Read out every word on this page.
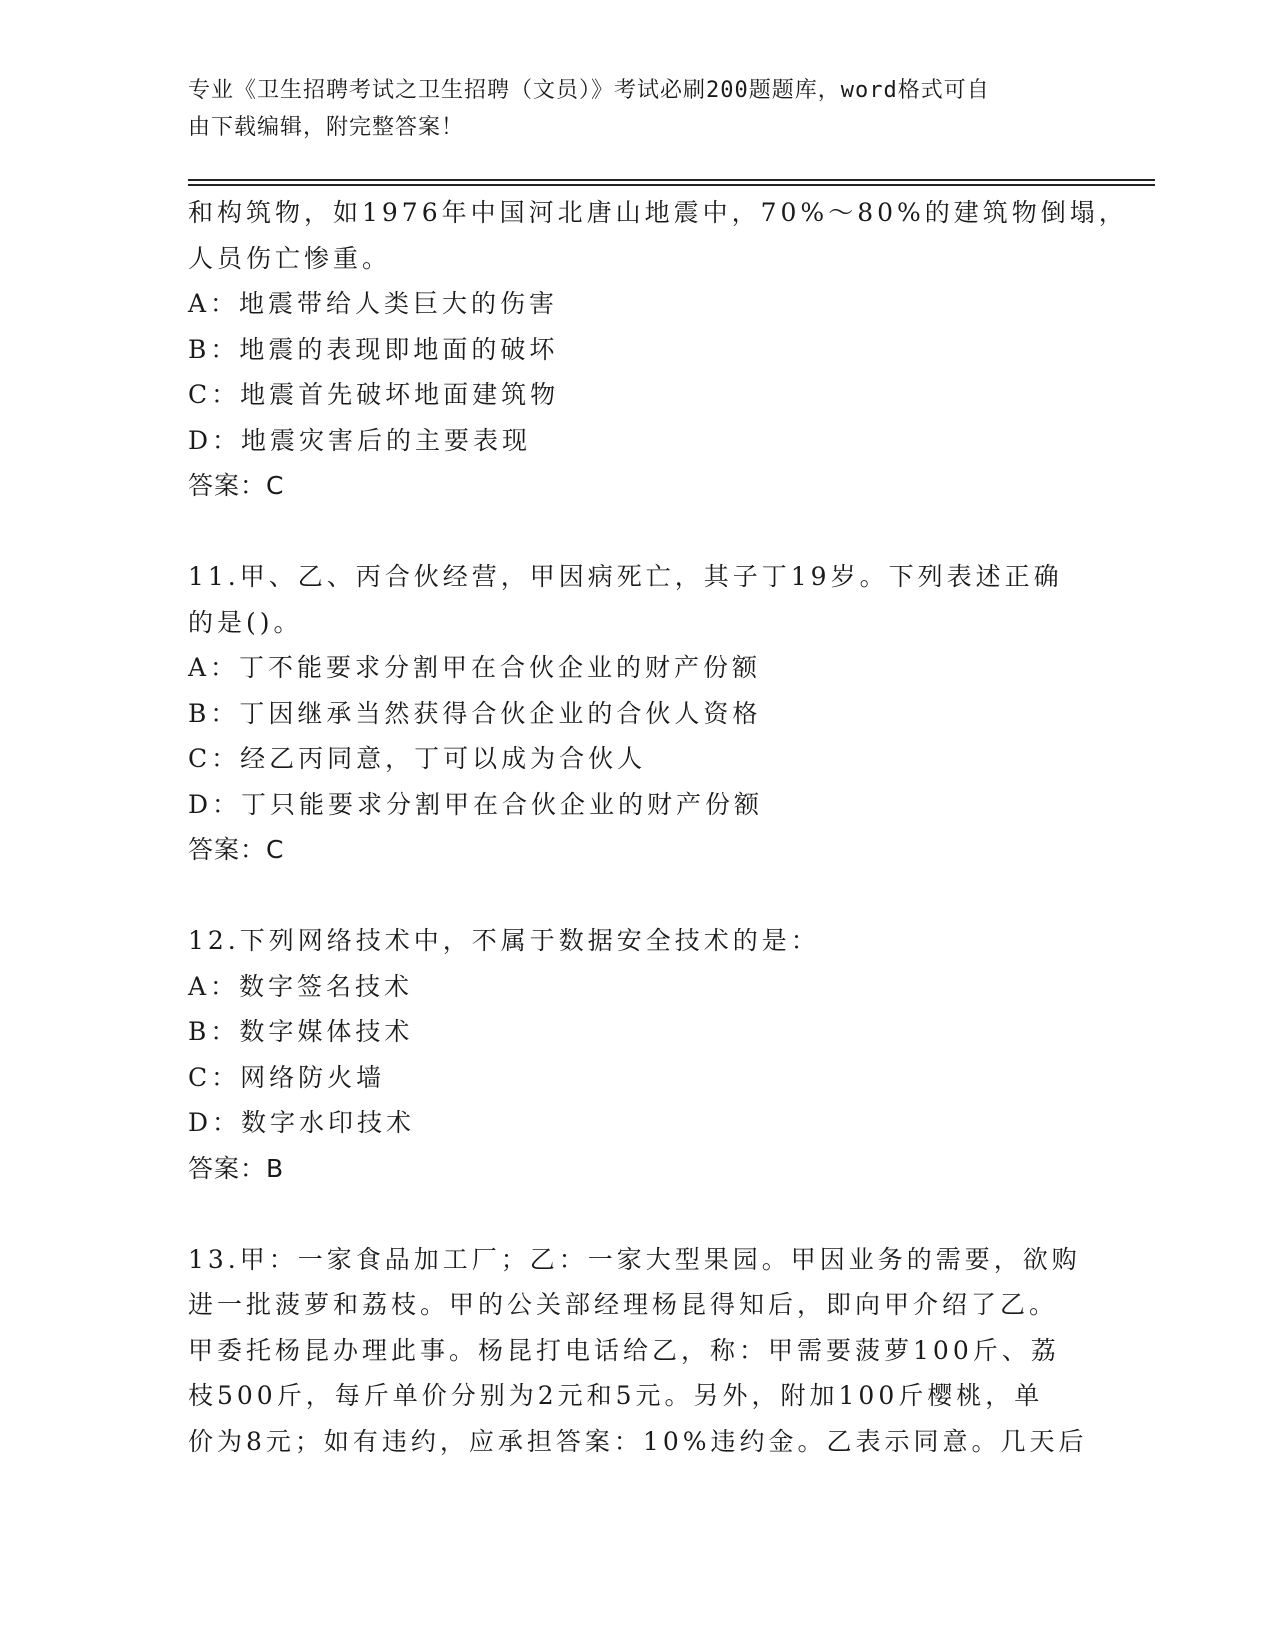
专业《卫生招聘考试之卫生招聘（文员）》考试必刷200题题库，word格式可自
由下载编辑，附完整答案！
和构筑物，如1976年中国河北唐山地震中，70%～80%的建筑物倒塌，
人员伤亡惨重。
A：地震带给人类巨大的伤害
B：地震的表现即地面的破坏
C：地震首先破坏地面建筑物
D：地震灾害后的主要表现
答案：C
11.甲、乙、丙合伙经营，甲因病死亡，其子丁19岁。下列表述正确
的是()。
A：丁不能要求分割甲在合伙企业的财产份额
B：丁因继承当然获得合伙企业的合伙人资格
C：经乙丙同意，丁可以成为合伙人
D：丁只能要求分割甲在合伙企业的财产份额
答案：C
12.下列网络技术中，不属于数据安全技术的是：
A：数字签名技术
B：数字媒体技术
C：网络防火墙
D：数字水印技术
答案：B
13.甲：一家食品加工厂；乙：一家大型果园。甲因业务的需要，欲购
进一批菠萝和荔枝。甲的公关部经理杨昆得知后，即向甲介绍了乙。
甲委托杨昆办理此事。杨昆打电话给乙，称：甲需要菠萝100斤、荔
枝500斤，每斤单价分别为2元和5元。另外，附加100斤樱桃，单
价为8元；如有违约，应承担答案：10%违约金。乙表示同意。几天后
